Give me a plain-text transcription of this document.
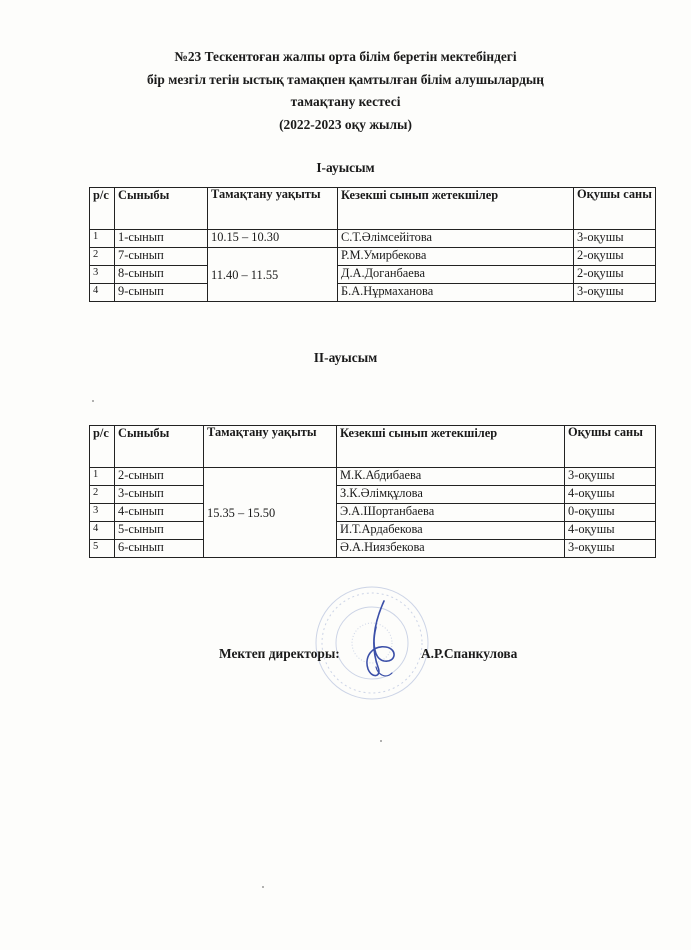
№23 Тескентоған жалпы орта білім беретін мектебіндегі
бір мезгіл тегін ыстық тамақпен қамтылған білім алушылардың
тамақтану кестесі
(2022-2023 оқу жылы)
І-ауысым
р/с	Сыныбы	Тамақтану уақыты	Кезекші сынып жетекшілер	Оқушы саны
1	1-сынып	10.15 – 10.30	С.Т.Әлімсейітова	3-оқушы
2	7-сынып	11.40 – 11.55	Р.М.Умирбекова	2-оқушы
3	8-сынып		Д.А.Доганбаева	2-оқушы
4	9-сынып		Б.А.Нұрмаханова	3-оқушы
ІІ-ауысым
р/с	Сыныбы	Тамақтану уақыты	Кезекші сынып жетекшілер	Оқушы саны
1	2-сынып	15.35 – 15.50	М.К.Абдибаева	3-оқушы
2	3-сынып		З.К.Әлімқұлова	4-оқушы
3	4-сынып		Э.А.Шортанбаева	0-оқушы
4	5-сынып		И.Т.Ардабекова	4-оқушы
5	6-сынып		Ә.А.Ниязбекова	3-оқушы
Мектеп директоры:	А.Р.Спанкулова
